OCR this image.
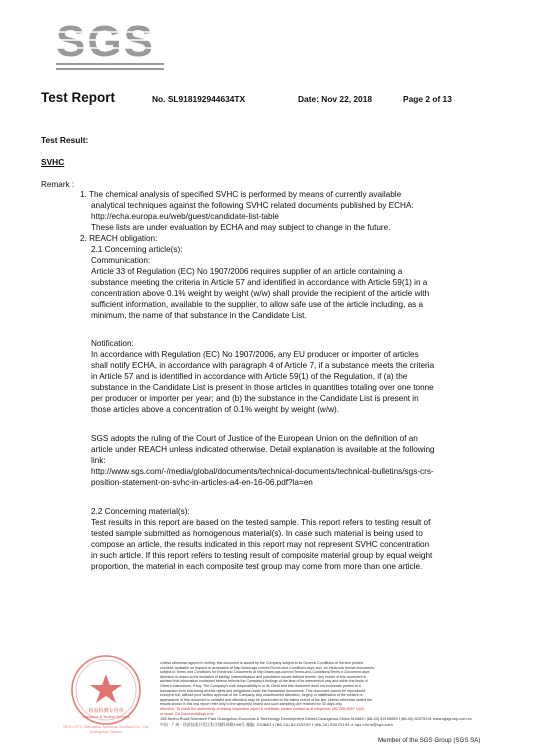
SGS
Test Report	No. SL918192944634TX	Date: Nov 22, 2018	Page 2 of 13
Test Result:
SVHC
Remark :
1. The chemical analysis of specified SVHC is performed by means of currently available
analytical techniques against the following SVHC related documents published by ECHA:
http://echa.europa.eu/web/guest/candidate-list-table
These lists are under evaluation by ECHA and may subject to change in the future.
2. REACH obligation:
2.1 Concerning article(s):
Communication:
Article 33 of Regulation (EC) No 1907/2006 requires supplier of an article containing a
substance meeting the criteria in Article 57 and identified in accordance with Article 59(1) in a
concentration above 0.1% weight by weight (w/w) shall provide the recipient of the article with
sufficient information, available to the supplier, to allow safe use of the article including, as a
minimum, the name of that substance in the Candidate List.
Notification:
In accordance with Regulation (EC) No 1907/2006, any EU producer or importer of articles
shall notify ECHA, in accordance with paragraph 4 of Article 7, if a substance meets the criteria
in Article 57 and is identified in accordance with Article 59(1) of the Regulation, if (a) the
substance in the Candidate List is present in those articles in quantities totaling over one tonne
per producer or importer per year; and (b) the substance in the Candidate List is present in
those articles above a concentration of 0.1% weight by weight (w/w).
SGS adopts the ruling of the Court of Justice of the European Union on the definition of an
article under REACH unless indicated otherwise. Detail explanation is available at the following
link:
http://www.sgs.com/-/media/global/documents/technical-documents/technical-bulletins/sgs-crs-
position-statement-on-svhc-in-articles-a4-en-16-06.pdf?la=en
2.2 Concerning material(s):
Test results in this report are based on the tested sample. This report refers to testing result of
tested sample submitted as homogenous material(s). In case such material is being used to
compose an article, the results indicated in this report may not represent SVHC concentration
in such article. If this report refers to testing result of composite material group by equal weight
proportion, the material in each composite test group may come from more than one article.
检验检测专用章
Inspection & Testing Services
SGS-CSTC Standards Technical Services Co., Ltd.
Guangzhou Branch
Unless otherwise agreed in writing, this document is issued by the Company subject to its General Conditions of Service printed
overleaf, available on request or accessible at http://www.sgs.com/en/Terms-and-Conditions.aspx and, for electronic format documents,
subject to Terms and Conditions for Electronic Documents at http://www.sgs.com/en/Terms-and-Conditions/Terms-e-Document.aspx.
Attention is drawn to the limitation of liability, indemnification and jurisdiction issues defined therein. Any holder of this document is
advised that information contained hereon reflects the Company's findings at the time of its intervention only and within the limits of
Client's instructions, if any. The Company's sole responsibility is to its Client and this document does not exonerate parties to a
transaction from exercising all their rights and obligations under the transaction documents. This document cannot be reproduced
except in full, without prior written approval of the Company. Any unauthorized alteration, forgery or falsification of the content or
appearance of this document is unlawful and offenders may be prosecuted to the fullest extent of the law. Unless otherwise stated the
results shown in this test report refer only to the sample(s) tested and such sample(s) are retained for 30 days only.
Attention: To check the authenticity of testing /inspection report & certificate, please contact us at telephone: (86-755) 8307 1443,
or email: CN.Doccheck@sgs.com
198 Kezhu Road,Scientech Park Guangzhou Economic & Technology Development District,Guangzhou,China 510663 t (86-20) 82155555 f (86-20) 82075191 www.sgsgroup.com.cn
中国 · 广州 · 经济技术开发区科学城科珠路198号 邮编: 510663 t (86-20) 82155555 f (86-20) 82075191 e sgs.china@sgs.com
Member of the SGS Group (SGS SA)
